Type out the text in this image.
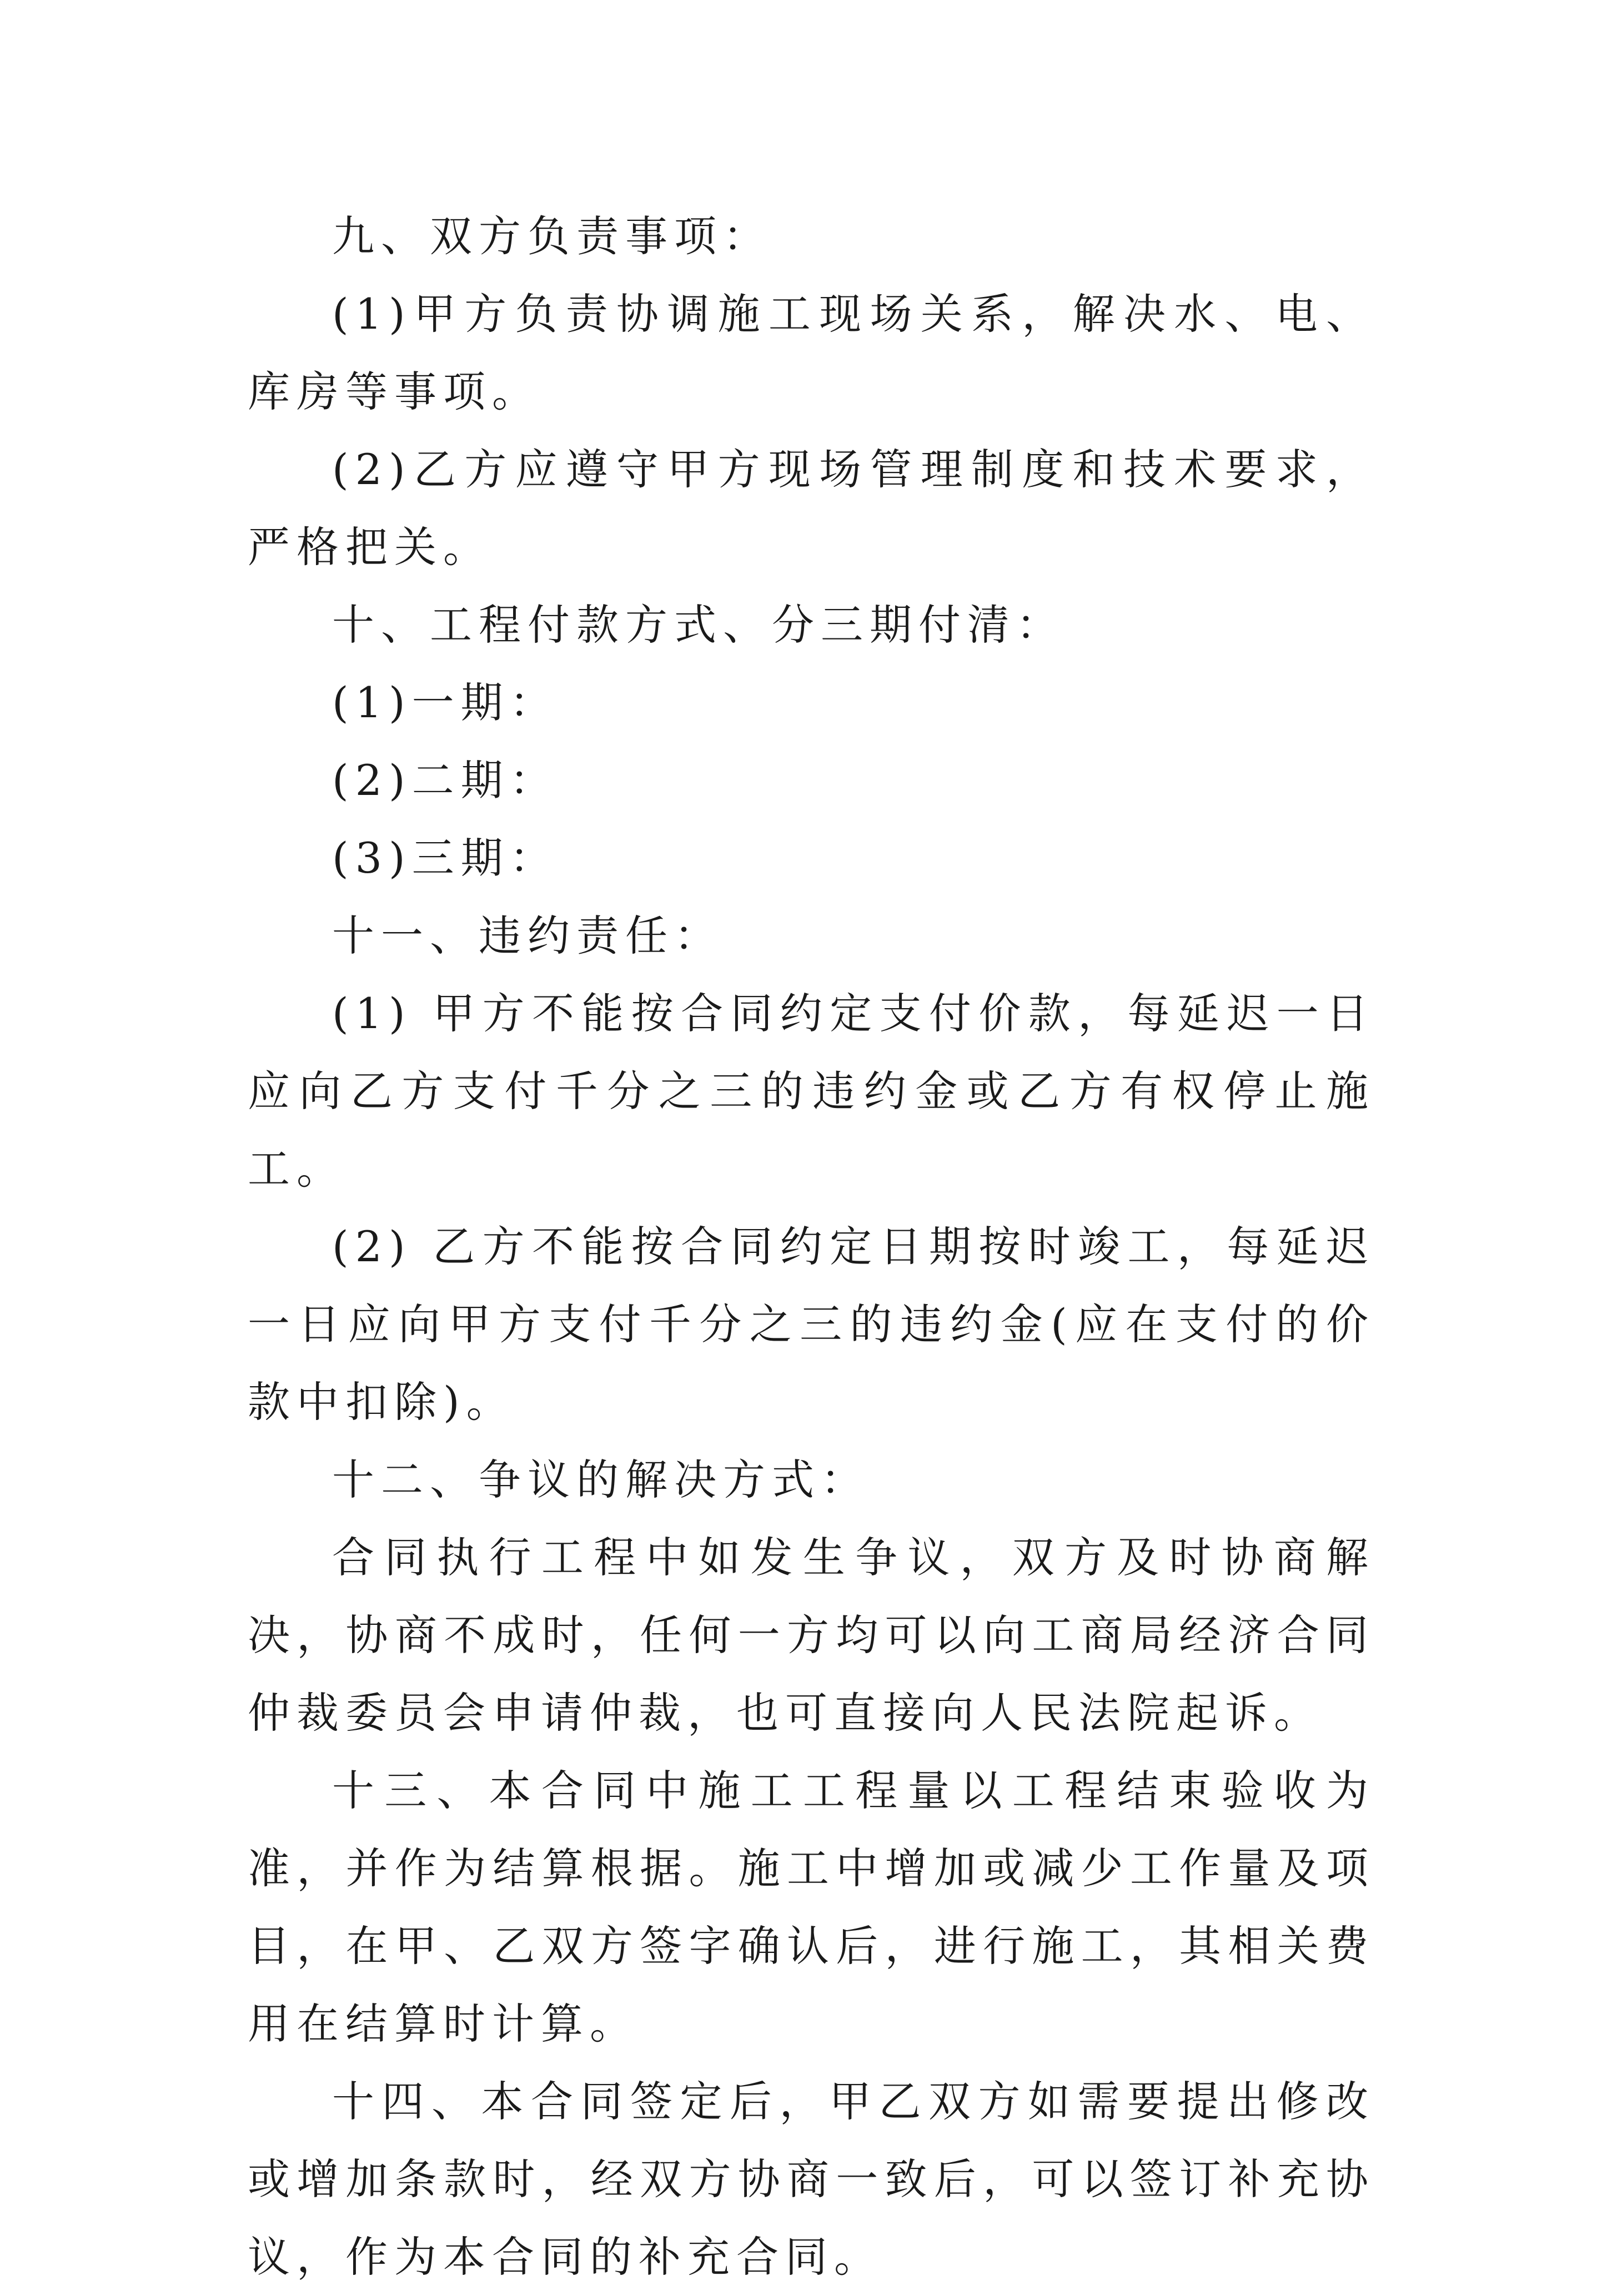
九、双方负责事项：

(1)甲方负责协调施工现场关系，解决水、电、库房等事项。

(2)乙方应遵守甲方现场管理制度和技术要求，严格把关。

十、工程付款方式、分三期付清：

(1)一期：

(2)二期：

(3)三期：

十一、违约责任：

(1) 甲方不能按合同约定支付价款，每延迟一日应向乙方支付千分之三的违约金或乙方有权停止施工。

(2) 乙方不能按合同约定日期按时竣工，每延迟一日应向甲方支付千分之三的违约金(应在支付的价款中扣除)。

十二、争议的解决方式：

合同执行工程中如发生争议，双方及时协商解决，协商不成时，任何一方均可以向工商局经济合同仲裁委员会申请仲裁，也可直接向人民法院起诉。

十三、本合同中施工工程量以工程结束验收为准，并作为结算根据。施工中增加或减少工作量及项目，在甲、乙双方签字确认后，进行施工，其相关费用在结算时计算。

十四、本合同签定后，甲乙双方如需要提出修改或增加条款时，经双方协商一致后，可以签订补充协议，作为本合同的补充合同。
